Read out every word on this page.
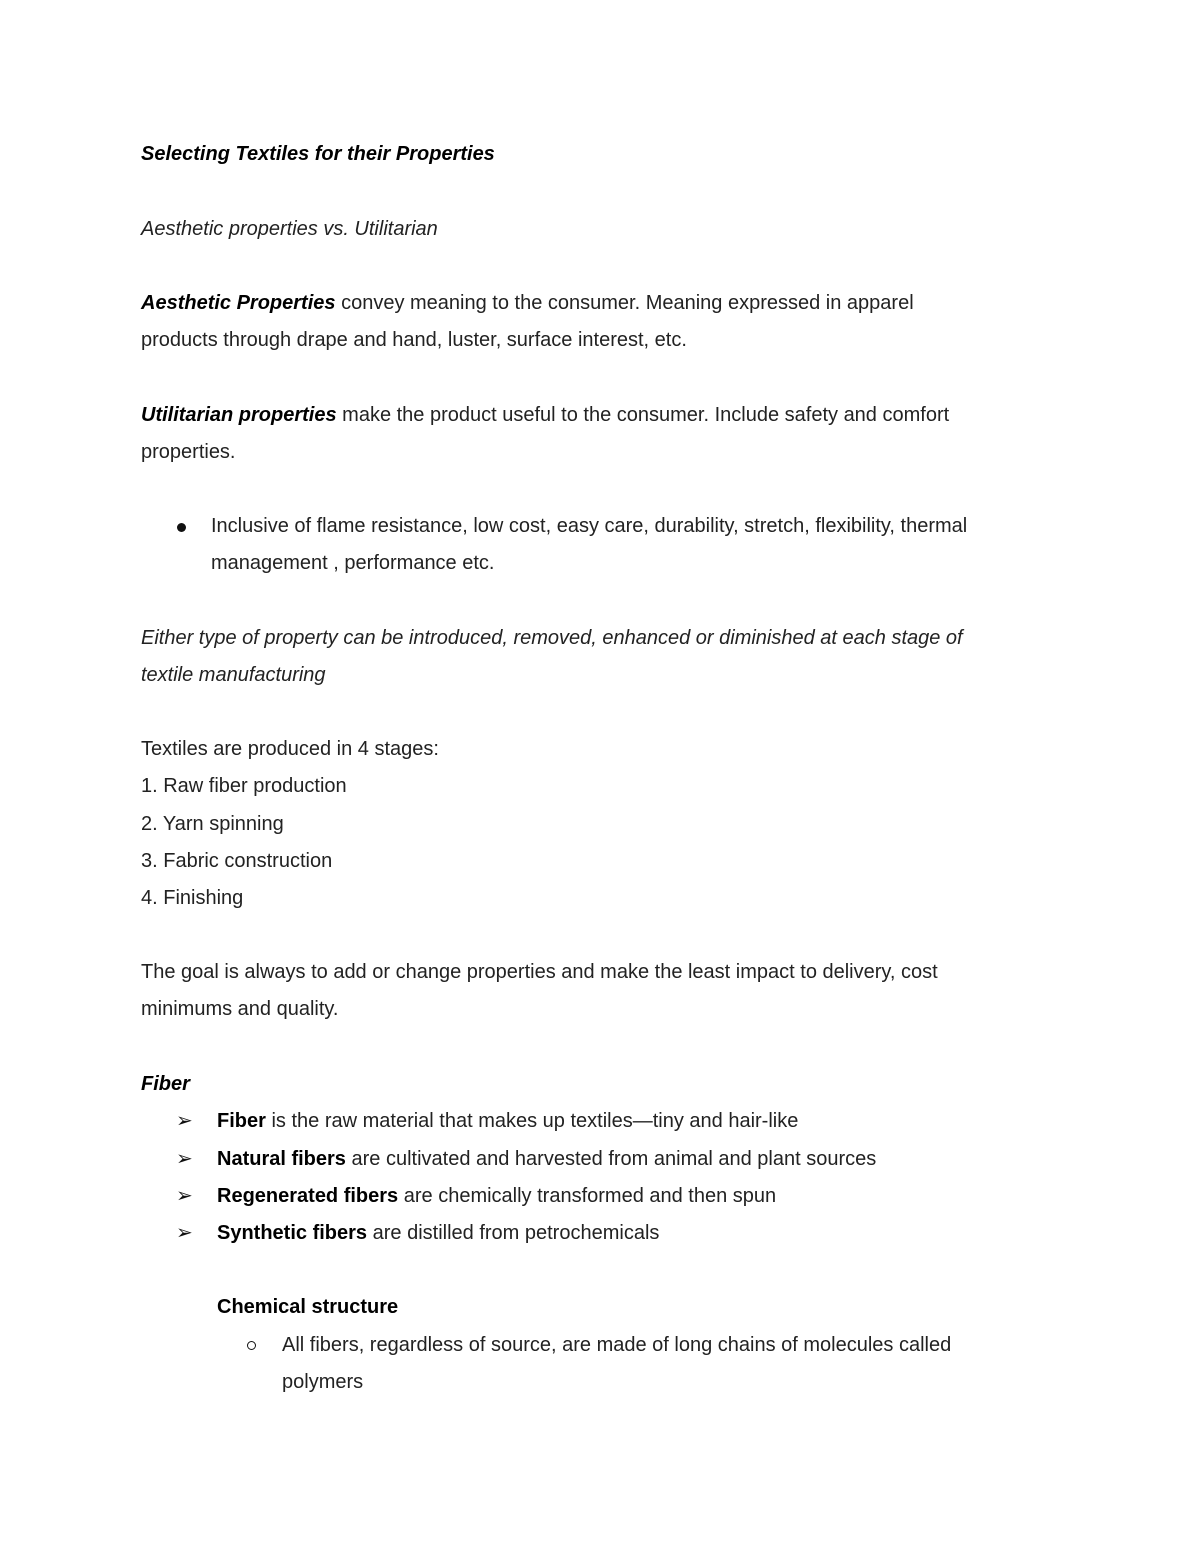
Selecting Textiles for their Properties
Aesthetic properties vs. Utilitarian
Aesthetic Properties convey meaning to the consumer. Meaning expressed in apparel
products through drape and hand, luster, surface interest, etc.
Utilitarian properties make the product useful to the consumer. Include safety and comfort
properties.
Inclusive of flame resistance, low cost, easy care, durability, stretch, flexibility, thermal
management , performance etc.
Either type of property can be introduced, removed, enhanced or diminished at each stage of
textile manufacturing
Textiles are produced in 4 stages:
1. Raw fiber production
2. Yarn spinning
3. Fabric construction
4. Finishing
The goal is always to add or change properties and make the least impact to delivery, cost
minimums and quality.
Fiber
➢ Fiber is the raw material that makes up textiles—tiny and hair-like
➢ Natural fibers are cultivated and harvested from animal and plant sources
➢ Regenerated fibers are chemically transformed and then spun
➢ Synthetic fibers are distilled from petrochemicals
Chemical structure
All fibers, regardless of source, are made of long chains of molecules called
polymers
